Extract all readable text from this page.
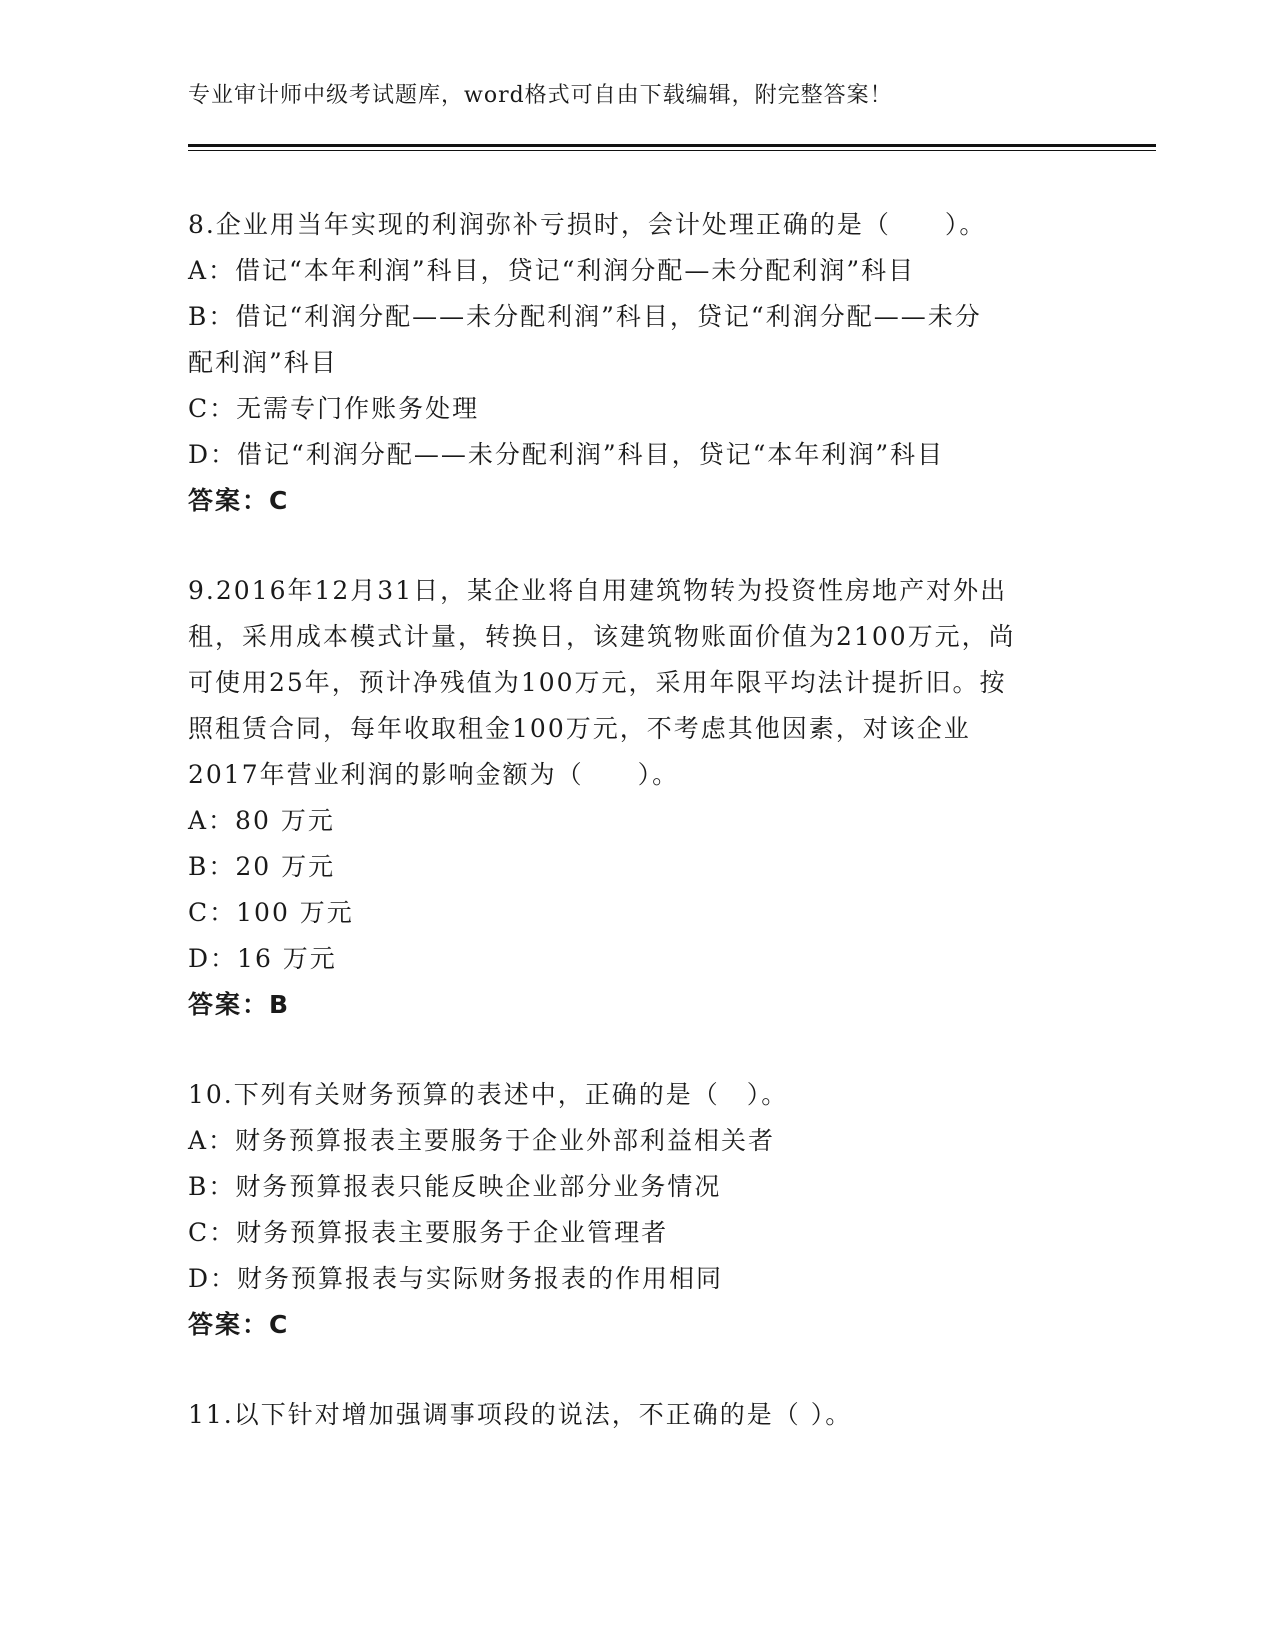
专业审计师中级考试题库，word格式可自由下载编辑，附完整答案！
8.企业用当年实现的利润弥补亏损时，会计处理正确的是（　　）。
A：借记“本年利润”科目，贷记“利润分配—未分配利润”科目
B：借记“利润分配——未分配利润”科目，贷记“利润分配——未分
配利润”科目
C：无需专门作账务处理
D：借记“利润分配——未分配利润”科目，贷记“本年利润”科目
答案：C
9.2016年12月31日，某企业将自用建筑物转为投资性房地产对外出
租，采用成本模式计量，转换日，该建筑物账面价值为2100万元，尚
可使用25年，预计净残值为100万元，采用年限平均法计提折旧。按
照租赁合同，每年收取租金100万元，不考虑其他因素，对该企业
2017年营业利润的影响金额为（　　）。
A：80 万元
B：20 万元
C：100 万元
D：16 万元
答案：B
10.下列有关财务预算的表述中，正确的是（　）。
A：财务预算报表主要服务于企业外部利益相关者
B：财务预算报表只能反映企业部分业务情况
C：财务预算报表主要服务于企业管理者
D：财务预算报表与实际财务报表的作用相同
答案：C
11.以下针对增加强调事项段的说法，不正确的是（ ）。
